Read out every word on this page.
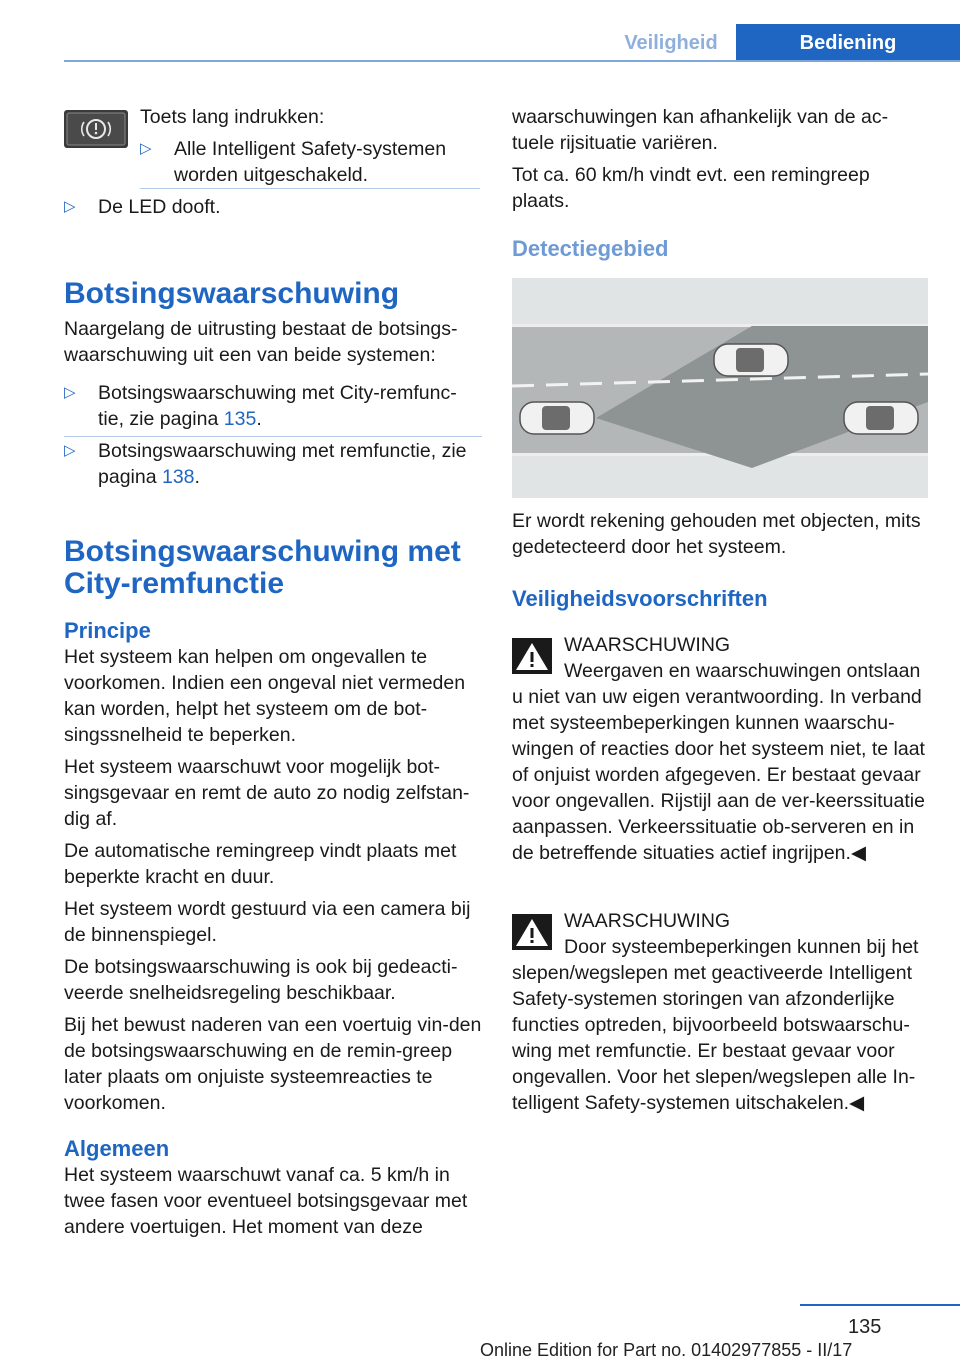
Veiligheid	Bediening

Toets lang indrukken:

▷ Alle Intelligent Safety-systemen worden uitgeschakeld.
▷ De LED dooft.
Botsingswaarschuwing

Naargelang de uitrusting bestaat de botsings-waarschuwing uit een van beide systemen:

▷ Botsingswaarschuwing met City-remfunc-tie, zie pagina 135.
▷ Botsingswaarschuwing met remfunctie, zie pagina 138.
Botsingswaarschuwing met City-remfunctie
Principe

Het systeem kan helpen om ongevallen te voorkomen. Indien een ongeval niet vermeden kan worden, helpt het systeem om de bot-singssnelheid te beperken.

Het systeem waarschuwt voor mogelijk bot-singsgevaar en remt de auto zo nodig zelfstan-dig af.

De automatische remingreep vindt plaats met beperkte kracht en duur.

Het systeem wordt gestuurd via een camera bij de binnenspiegel.

De botsingswaarschuwing is ook bij gedeacti-veerde snelheidsregeling beschikbaar.

Bij het bewust naderen van een voertuig vin-den de botsingswaarschuwing en de remin-greep later plaats om onjuiste systeemreacties te voorkomen.

Algemeen

Het systeem waarschuwt vanaf ca. 5 km/h in twee fasen voor eventueel botsingsgevaar met andere voertuigen. Het moment van deze

waarschuwingen kan afhankelijk van de ac-tuele rijsituatie variëren.

Tot ca. 60 km/h vindt evt. een remingreep plaats.

Detectiegebied

Er wordt rekening gehouden met objecten, mits gedetecteerd door het systeem.

Veiligheidsvoorschriften
WAARSCHUWING
Weergaven en waarschuwingen ontslaan u niet van uw eigen verantwoording. In verband met systeembeperkingen kunnen waarschu-wingen of reacties door het systeem niet, te laat of onjuist worden afgegeven. Er bestaat gevaar voor ongevallen. Rijstijl aan de ver-keerssituatie aanpassen. Verkeerssituatie ob-serveren en in de betreffende situaties actief ingrijpen.◀
WAARSCHUWING
Door systeembeperkingen kunnen bij het slepen/wegslepen met geactiveerde Intelligent Safety-systemen storingen van afzonderlijke functies optreden, bijvoorbeeld botswaarschu-wing met remfunctie. Er bestaat gevaar voor ongevallen. Voor het slepen/wegslepen alle In-telligent Safety-systemen uitschakelen.◀
135
Online Edition for Part no. 01402977855 - II/17
